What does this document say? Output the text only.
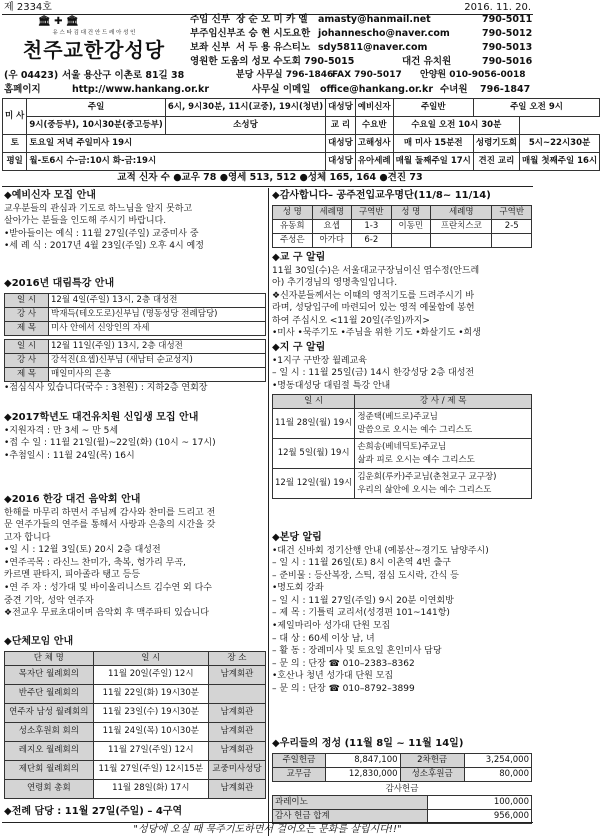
제 2334호	2016. 11. 20.
🏛 ✚ 🏛
유 스 타 김 대 건 안 드 레 아 성 인
천주교한강성당
주임 신부 장 순 오 미 카 엘 amasty@hanmail.net	790-5011
부주임신부 조 승 현 시도요한 johannescho@naver.com	790-5012
보좌 신부 서 두 용 유스티노 sdy5811@naver.com	790-5013
영원한 도움의 성모 수도회 790-5015	대건 유치원	790-5016
(우 04423) 서울 용산구 이촌로 81길 38	분당 사무실 796-1846
FAX 790-5017 안양원 010-9056-0018
홈페이지	http://www.hankang.or.kr	사무실 이메일 office@hankang.or.kr 수녀원 796-1847
미 사	주일	6시, 9시30분, 11시(교중), 19시(청년)	대성당	예비신자	주일반	주일 오전 9시	
	9시(중등부), 10시30분(중고등부)	소성당	교 리	수요반	수요일 오전 10시 30분		
토	토요일 저녁 주일미사 19시		대성당	고해성사	매 미사 15분전	성령기도회	5시~22시30분
평일	월-토6시 수-금:10시 화-금:19시		대성당	유아세례	매월 둘째주일 17시	견진 교리	매월 첫째주일 16시
교적 신자 수 ●교우 78 ●영세 513, 512 ●성체 165, 164 ●견진 73
◆예비신자 모집 안내
교우분들의 관심과 기도로 하느님을 알지 못하고
살아가는 분들을 인도해 주시기 바랍니다.
•받아들이는 예식 : 11월 27일(주일) 교중미사 중
•세 례 식 : 2017년 4월 23일(주일) 오후 4시 예정
◆2016년 대림특강 안내
일 시	12월 4일(주일) 13시, 2층 대성전
강 사	박재득(테오도로)신부님 (명동성당 전례담당)
제 목	미사 안에서 신앙인의 자세
일 시	12월 11일(주일) 13시, 2층 대성전
강 사	강석진(요셉)신부님 (새남터 순교성지)
제 목	매일미사의 은총
•점심식사 있습니다(국수 : 3천원) : 지하2층 연회장
◆2017학년도 대건유치원 신입생 모집 안내
•지원자격 : 만 3세 ~ 만 5세
•접 수 일 : 11월 21일(월)~22일(화) (10시 ~ 17시)
•추첨일시 : 11월 24일(목) 16시
◆2016 한강 대건 음악회 안내
한해를 마무리 하면서 주님께 감사와 찬미를 드리고 전
문 연주가들의 연주를 통해서 사랑과 은총의 시간을 갖
고자 합니다
•일 시 : 12월 3일(토) 20시 2층 대성전
•연주곡목 : 라신느 찬미가, 축복, 헝가리 무곡,
카르멘 판타지, 피아졸라 탱고 등등
•연 주 자 : 성가대 및 바이올리니스트 김수연 외 다수
중견 기악, 성악 연주자
❖전교우 무료초대이며 음악회 후 맥주파티 있습니다
◆단체모임 안내
단 체 명	일 시	장 소
목자단 월례회의	11월 20일(주일) 12시	남계회관
반주단 월례회의	11월 22일(화) 19시30분	
연주자 남성 월례회의	11월 23일(수) 19시30분	남계회관
성소후원회 회의	11월 24일(목) 10시30분	남계회관
레지오 월례회의	11월 27일(주일) 12시	남계회관
제단회 월례회의	11월 27일(주일) 12시15분	교중미사성당
연령회 총회	11월 28일(화) 17시	남계회관
◆전례 담당 : 11월 27일(주일) – 4구역
◆감사합니다– 공주전입교우명단(11/8~ 11/14)
성 명	세례명	구역반	성 명	세례명	구역반
유동희	요셉	1-3	이동민	프란치스코	2-5
주성은	아가다	6-2			
◆교 구 알림
11월 30일(수)은 서울대교구장님이신 염수정(안드레
아) 추기경님의 영명축일입니다.
❖신자분들께서는 이때의 영적기도를 드려주시기 바
라며, 성당입구에 마련되어 있는 영적 예물함에 봉헌
하여 주십시오 <11월 20일(주일)까지>
•미사 •묵주기도 •주님을 위한 기도 •화살기도 •희생
◆지 구 알림
•1지구 구반장 월례교육
– 일 시 : 11월 25일(금) 14시 한강성당 2층 대성전
•명동대성당 대림절 특강 안내
일 시	강 사 / 제 목
11월 28일(월) 19시	정준택(베드로)주교님
말씀으로 오시는 예수 그리스도

12월 5일(월) 19시	손희송(베네딕토)주교님
삶과 피로 오시는 예수 그리스도

12월 12일(월) 19시	김운회(루카)주교님(춘천교구 교구장)
우리의 삶안에 오시는 예수 그리스도
◆본당 알림
•대건 신바회 정기산행 안내 (예봉산~경기도 남양주시)
– 일 시 : 11월 26일(토) 8시 이촌역 4번 출구
– 준비물 : 등산복장, 스틱, 점심 도시락, 간식 등
•명도회 강좌
– 일 시 : 11월 27일(주일) 9시 20분 이연회방
– 제 목 : 기틀릭 교리서(성경편 101~141항)
•제일마리아 성가대 단원 모집
– 대 상 : 60세 이상 남, 녀
– 활 동 : 장례미사 및 토요일 혼인미사 담당
– 문 의 : 단장 ☎ 010–2383–8362
•호산나 청년 성가대 단원 모집
– 문 의 : 단장 ☎ 010–8792–3899
◆우리들의 정성 (11월 8일 ~ 11월 14일)
주일헌금	8,847,100	2차헌금	3,254,000
교무금	12,830,000	성소후원금	80,000
감사헌금
과레이노	100,000
감사 헌금 합계	956,000
"성당에 오실 때 묵주기도하면서 걸어오는 문화를 살립시다!!"
